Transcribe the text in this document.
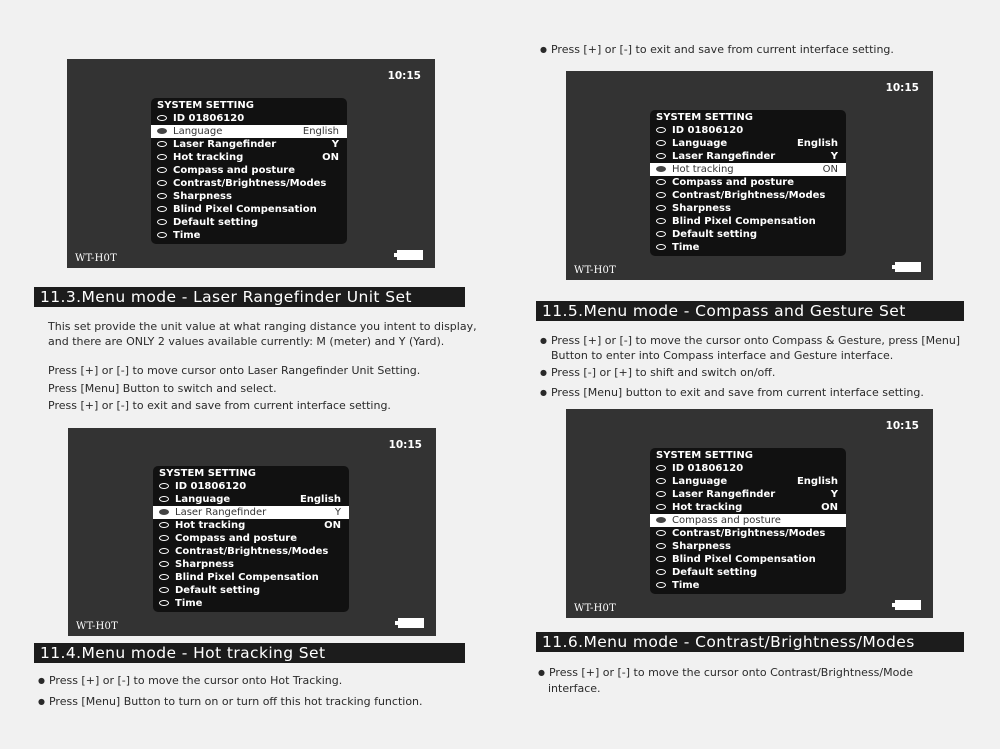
SYSTEM SETTING
ID 01806120
Language	English
Laser Rangefinder	Y
Hot tracking	ON
Compass and posture
Contrast/Brightness/Modes
Sharpness
Blind Pixel Compensation
Default setting
Time
10:15
WT-H0T
11.3.Menu mode - Laser Rangefinder Unit Set
This set provide the unit value at what ranging distance you intent to display,
and there are ONLY 2 values available currently: M (meter) and Y (Yard).
Press [+] or [-] to move cursor onto Laser Rangefinder Unit Setting.
Press [Menu] Button to switch and select.
Press [+] or [-] to exit and save from current interface setting.
SYSTEM SETTING
ID 01806120
Language	English
Laser Rangefinder	Y
Hot tracking	ON
Compass and posture
Contrast/Brightness/Modes
Sharpness
Blind Pixel Compensation
Default setting
Time
10:15
WT-H0T
11.4.Menu mode - Hot tracking Set
● Press [+] or [-] to move the cursor onto Hot Tracking.
● Press [Menu] Button to turn on or turn off this hot tracking function.
● Press [+] or [-] to exit and save from current interface setting.
SYSTEM SETTING
ID 01806120
Language	English
Laser Rangefinder	Y
Hot tracking	ON
Compass and posture
Contrast/Brightness/Modes
Sharpness
Blind Pixel Compensation
Default setting
Time
10:15
WT-H0T
11.5.Menu mode - Compass and Gesture Set
● Press [+] or [-] to move the cursor onto Compass & Gesture, press [Menu]
Button to enter into Compass interface and Gesture interface.
● Press [-] or [+] to shift and switch on/off.
● Press [Menu] button to exit and save from current interface setting.
SYSTEM SETTING
ID 01806120
Language	English
Laser Rangefinder	Y
Hot tracking	ON
Compass and posture
Contrast/Brightness/Modes
Sharpness
Blind Pixel Compensation
Default setting
Time
10:15
WT-H0T
11.6.Menu mode - Contrast/Brightness/Modes
● Press [+] or [-] to move the cursor onto Contrast/Brightness/Mode
interface.
